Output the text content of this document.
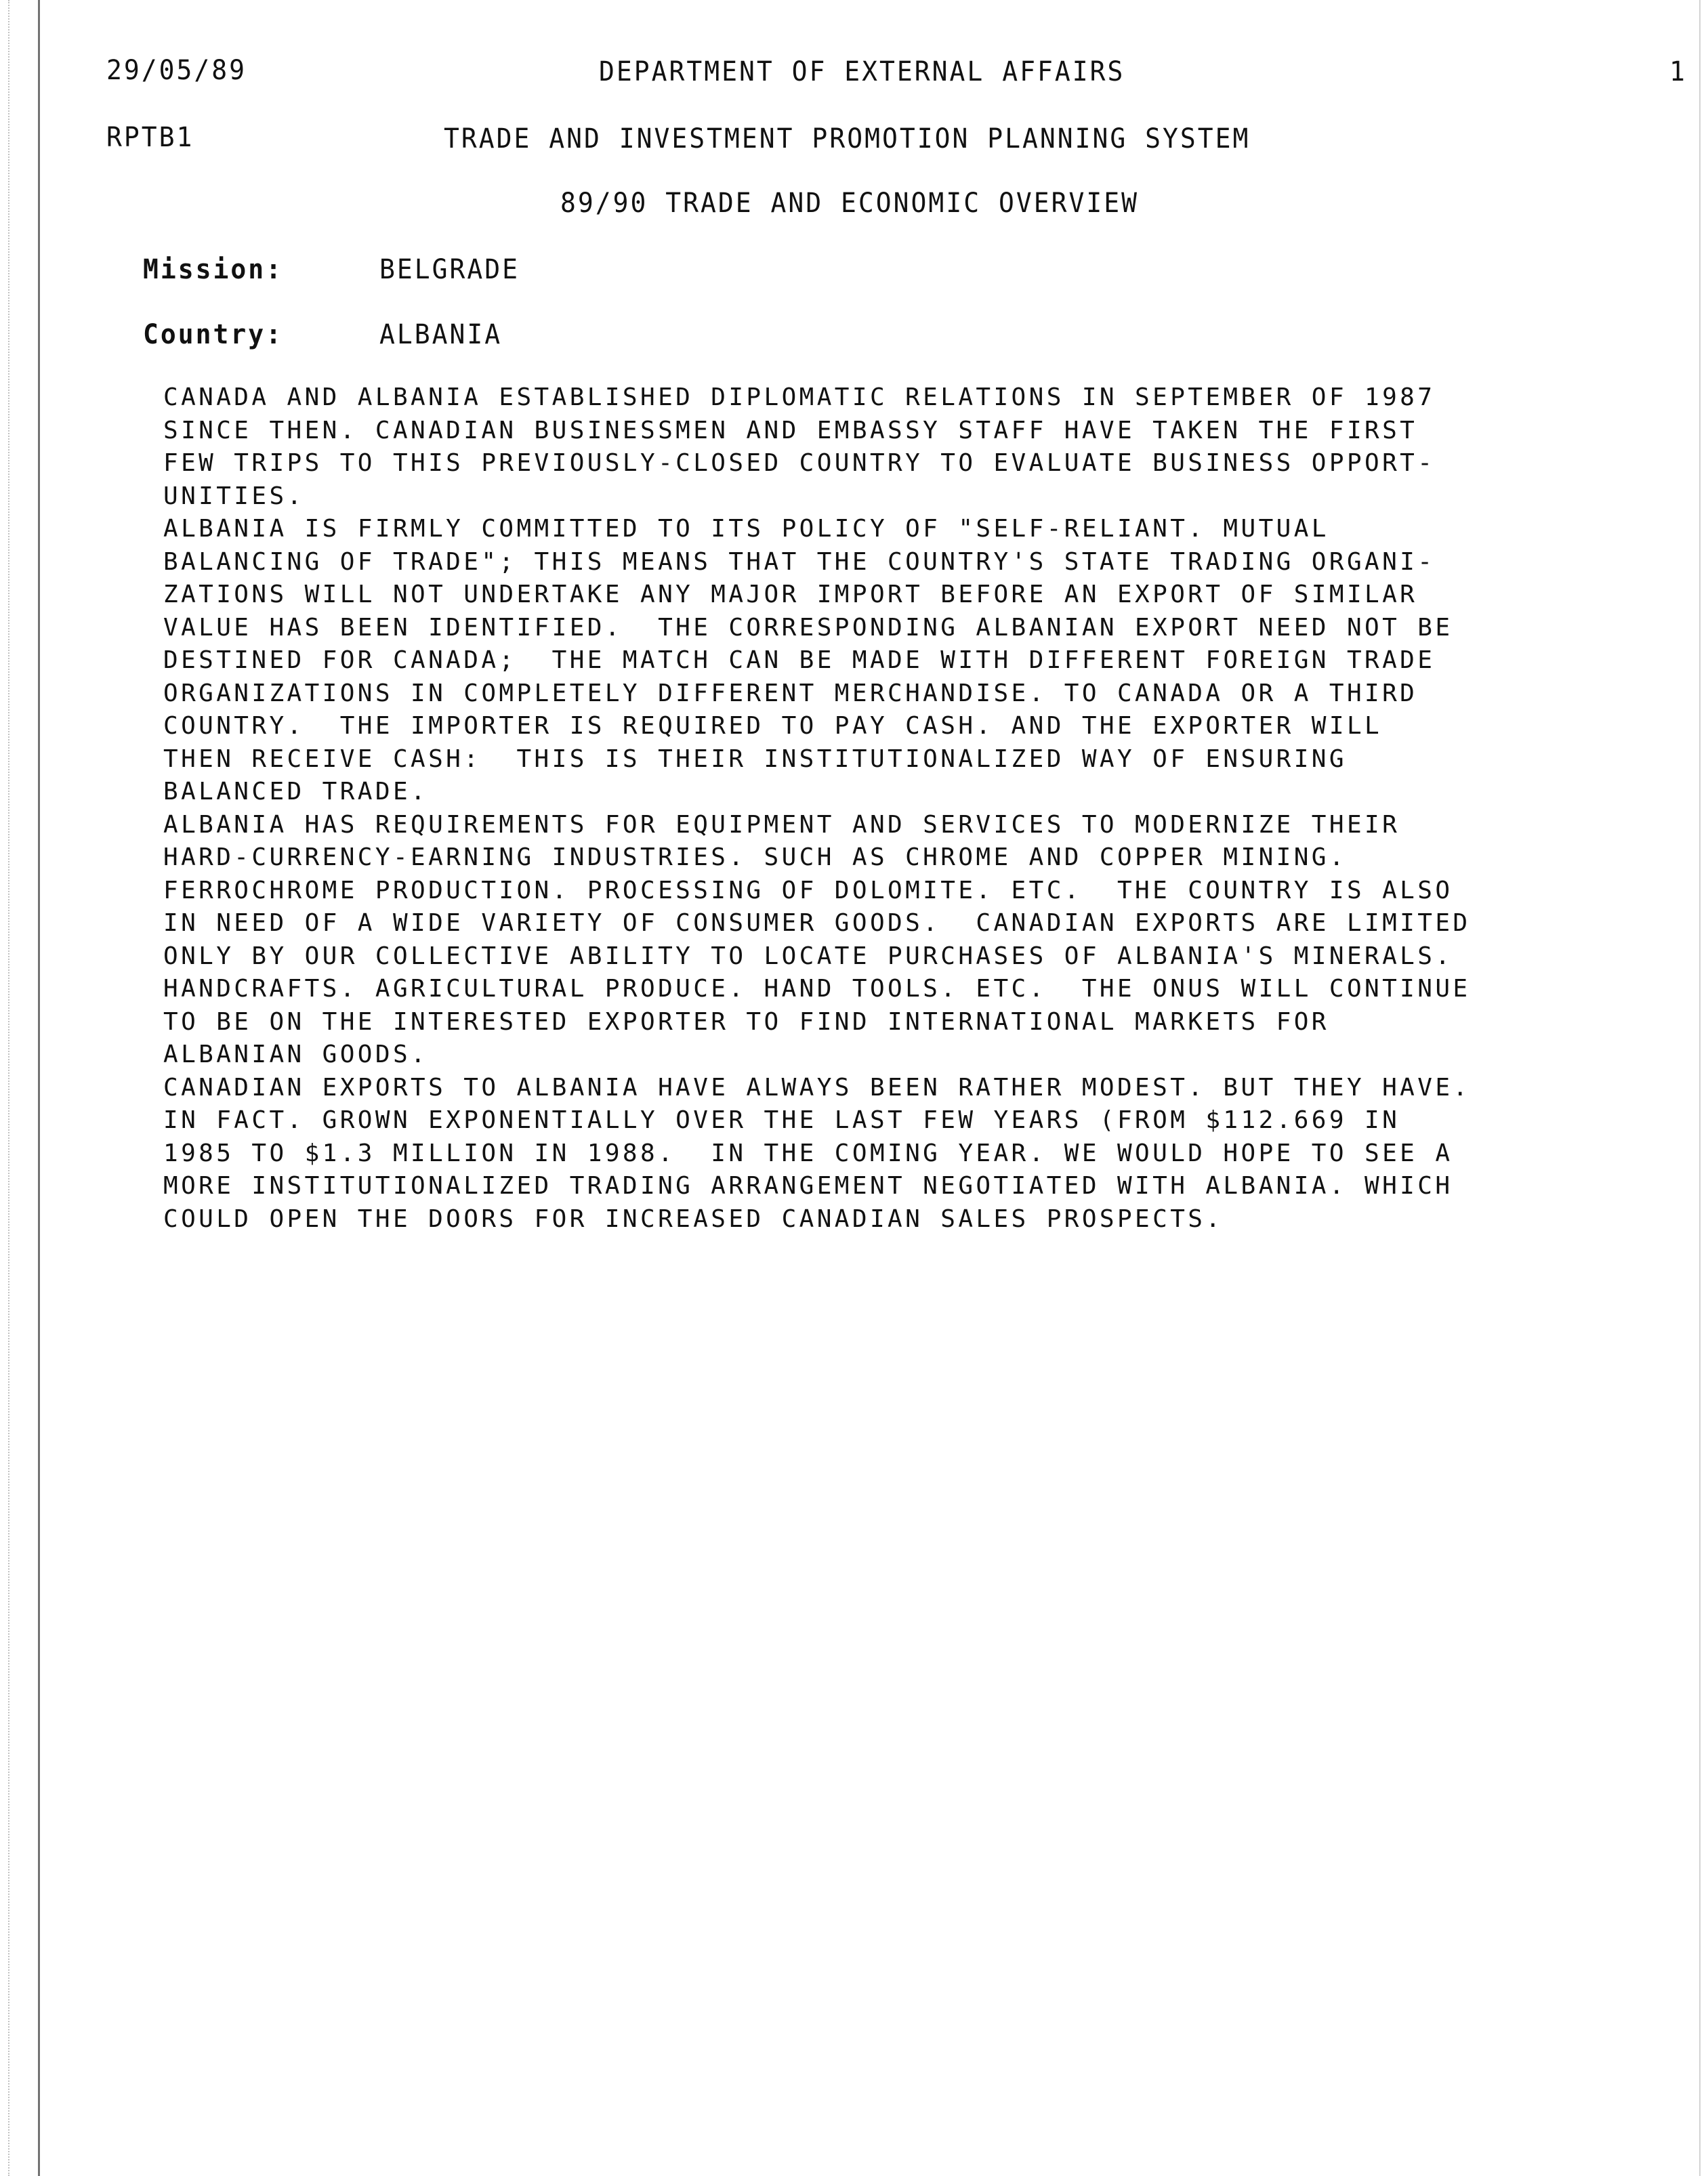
29/05/89	DEPARTMENT OF EXTERNAL AFFAIRS	1
RPTB1	TRADE AND INVESTMENT PROMOTION PLANNING SYSTEM
89/90 TRADE AND ECONOMIC OVERVIEW
Mission:	BELGRADE
Country:	ALBANIA
CANADA AND ALBANIA ESTABLISHED DIPLOMATIC RELATIONS IN SEPTEMBER OF 1987
SINCE THEN. CANADIAN BUSINESSMEN AND EMBASSY STAFF HAVE TAKEN THE FIRST
FEW TRIPS TO THIS PREVIOUSLY-CLOSED COUNTRY TO EVALUATE BUSINESS OPPORT-
UNITIES.
ALBANIA IS FIRMLY COMMITTED TO ITS POLICY OF "SELF-RELIANT. MUTUAL
BALANCING OF TRADE"; THIS MEANS THAT THE COUNTRY'S STATE TRADING ORGANI-
ZATIONS WILL NOT UNDERTAKE ANY MAJOR IMPORT BEFORE AN EXPORT OF SIMILAR
VALUE HAS BEEN IDENTIFIED.  THE CORRESPONDING ALBANIAN EXPORT NEED NOT BE
DESTINED FOR CANADA;  THE MATCH CAN BE MADE WITH DIFFERENT FOREIGN TRADE
ORGANIZATIONS IN COMPLETELY DIFFERENT MERCHANDISE. TO CANADA OR A THIRD
COUNTRY.  THE IMPORTER IS REQUIRED TO PAY CASH. AND THE EXPORTER WILL
THEN RECEIVE CASH:  THIS IS THEIR INSTITUTIONALIZED WAY OF ENSURING
BALANCED TRADE.
ALBANIA HAS REQUIREMENTS FOR EQUIPMENT AND SERVICES TO MODERNIZE THEIR
HARD-CURRENCY-EARNING INDUSTRIES. SUCH AS CHROME AND COPPER MINING.
FERROCHROME PRODUCTION. PROCESSING OF DOLOMITE. ETC.  THE COUNTRY IS ALSO
IN NEED OF A WIDE VARIETY OF CONSUMER GOODS.  CANADIAN EXPORTS ARE LIMITED
ONLY BY OUR COLLECTIVE ABILITY TO LOCATE PURCHASES OF ALBANIA'S MINERALS.
HANDCRAFTS. AGRICULTURAL PRODUCE. HAND TOOLS. ETC.  THE ONUS WILL CONTINUE
TO BE ON THE INTERESTED EXPORTER TO FIND INTERNATIONAL MARKETS FOR
ALBANIAN GOODS.
CANADIAN EXPORTS TO ALBANIA HAVE ALWAYS BEEN RATHER MODEST. BUT THEY HAVE.
IN FACT. GROWN EXPONENTIALLY OVER THE LAST FEW YEARS (FROM $112.669 IN
1985 TO $1.3 MILLION IN 1988.  IN THE COMING YEAR. WE WOULD HOPE TO SEE A
MORE INSTITUTIONALIZED TRADING ARRANGEMENT NEGOTIATED WITH ALBANIA. WHICH
COULD OPEN THE DOORS FOR INCREASED CANADIAN SALES PROSPECTS.
